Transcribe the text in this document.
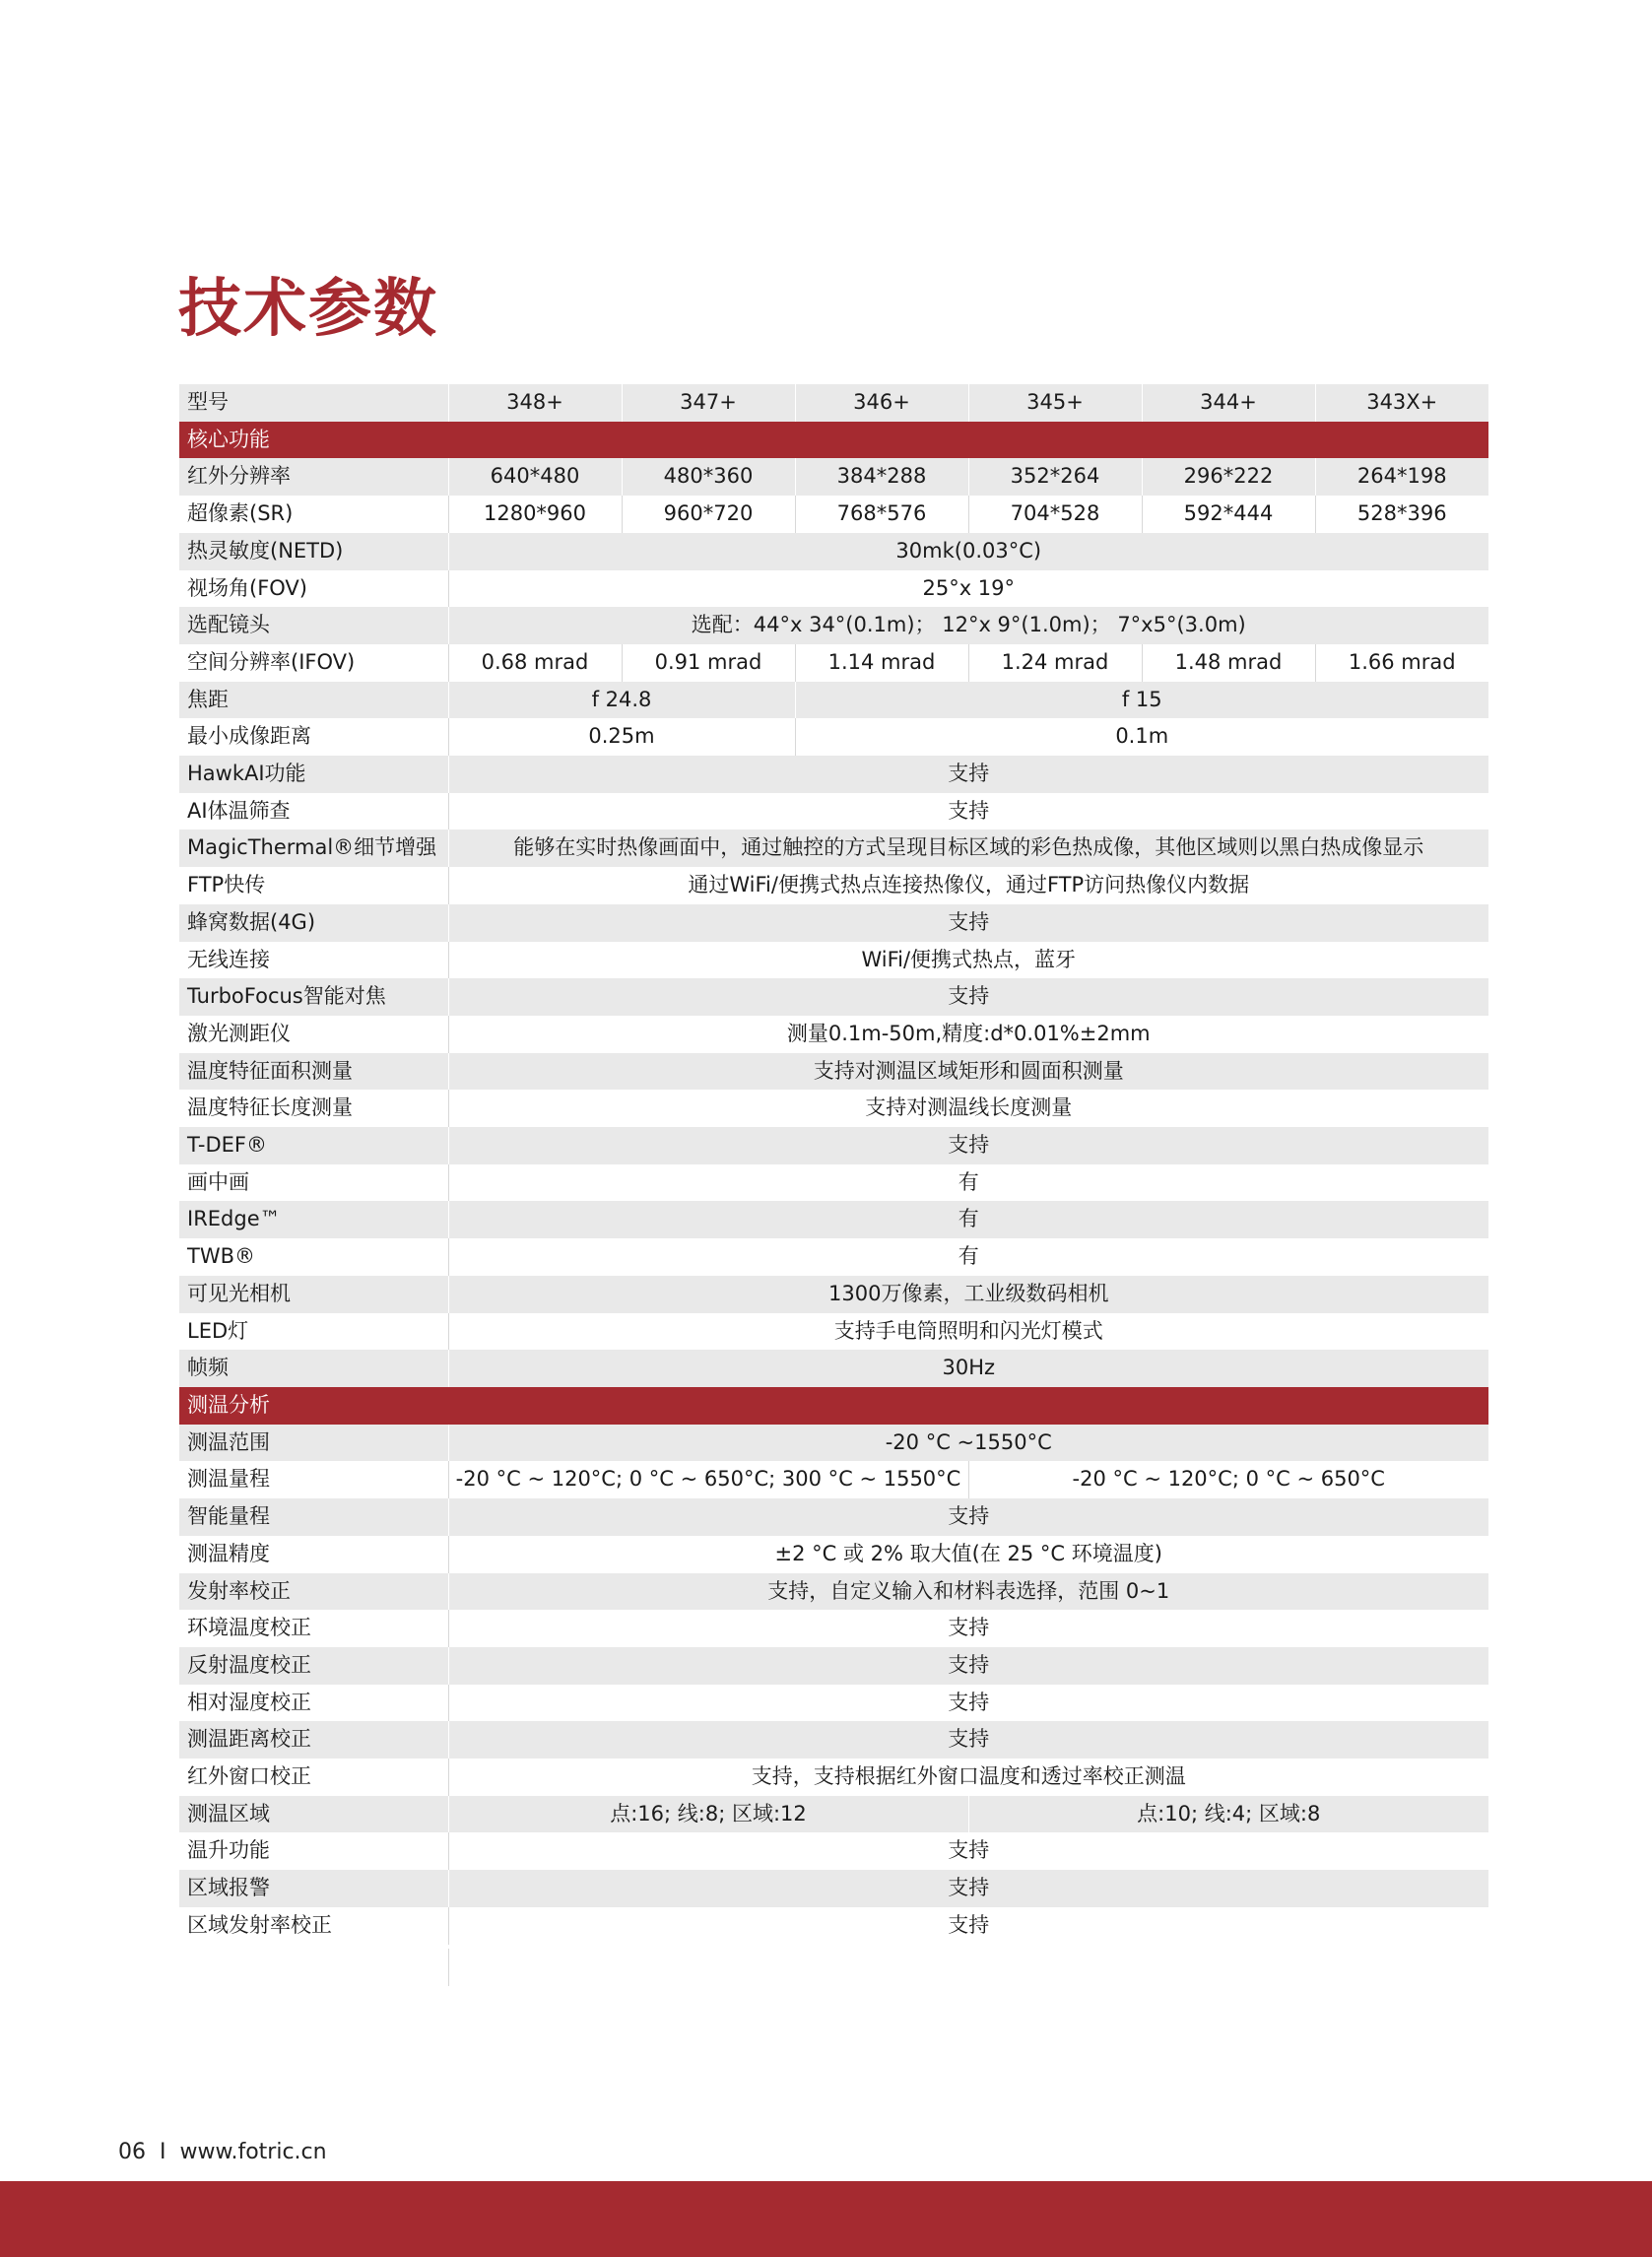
技术参数
型号	348+	347+	346+	345+	344+	343X+
核心功能						
红外分辨率	640*480	480*360	384*288	352*264	296*222	264*198
超像素(SR)	1280*960	960*720	768*576	704*528	592*444	528*396
热灵敏度(NETD)	30mk(0.03°C)					
视场角(FOV)	25°x 19°					
选配镜头	选配：44°x 34°(0.1m)； 12°x 9°(1.0m)； 7°x5°(3.0m)					
空间分辨率(IFOV)	0.68 mrad	0.91 mrad	1.14 mrad	1.24 mrad	1.48 mrad	1.66 mrad
焦距	f 24.8		f 15			
最小成像距离	0.25m		0.1m			
HawkAI功能	支持					
AI体温筛查	支持					
MagicThermal®细节增强	能够在实时热像画面中，通过触控的方式呈现目标区域的彩色热成像，其他区域则以黑白热成像显示					
FTP快传	通过WiFi/便携式热点连接热像仪，通过FTP访问热像仪内数据					
蜂窝数据(4G)	支持					
无线连接	WiFi/便携式热点，蓝牙					
TurboFocus智能对焦	支持					
激光测距仪	测量0.1m-50m,精度:d*0.01%±2mm					
温度特征面积测量	支持对测温区域矩形和圆面积测量					
温度特征长度测量	支持对测温线长度测量					
T-DEF®	支持					
画中画	有					
IREdge™	有					
TWB®	有					
可见光相机	1300万像素，工业级数码相机					
LED灯	支持手电筒照明和闪光灯模式					
帧频	30Hz					
测温分析						
测温范围	-20 °C ~1550°C					
测温量程	-20 °C ~ 120°C; 0 °C ~ 650°C; 300 °C ~ 1550°C			-20 °C ~ 120°C; 0 °C ~ 650°C		
智能量程	支持					
测温精度	±2 °C 或 2% 取大值(在 25 °C 环境温度)					
发射率校正	支持，自定义输入和材料表选择，范围 0~1					
环境温度校正	支持					
反射温度校正	支持					
相对湿度校正	支持					
测温距离校正	支持					
红外窗口校正	支持，支持根据红外窗口温度和透过率校正测温					
测温区域	点:16; 线:8; 区域:12			点:10; 线:4; 区域:8		
温升功能	支持					
区域报警	支持					
区域发射率校正	支持					
06 I www.fotric.cn
